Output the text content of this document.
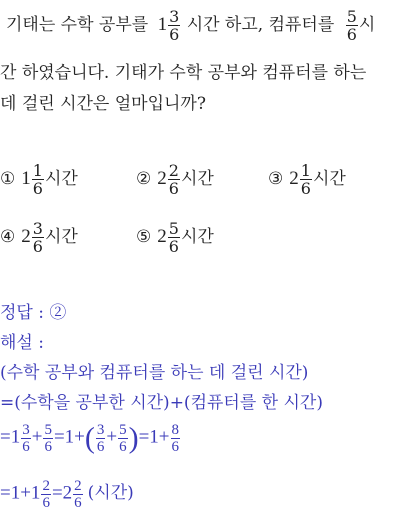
기태는 수학 공부를 $1 \frac{3}{6}$ 시간 하고, 컴퓨터를 $\frac{5}{6}$ 시
간 하였습니다. 기태가 수학 공부와 컴퓨터를 하는
데 걸린 시간은 얼마입니까?
① $1 \frac{1}{6}$ 시간	② $2 \frac{2}{6}$ 시간	③ $2 \frac{1}{6}$ 시간
④ $2 \frac{3}{6}$ 시간	⑤ $2 \frac{5}{6}$ 시간
정답 : ②
해설 :
(수학 공부와 컴퓨터를 하는 데 걸린 시간)
=(수학을 공부한 시간)+(컴퓨터를 한 시간)
$=1 \frac{3}{6} + \frac{5}{6} =1+( \frac{3}{6} + \frac{5}{6} )=1+ \frac{8}{6}$
$=1+1 \frac{2}{6} =2 \frac{2}{6}$ (시간)
